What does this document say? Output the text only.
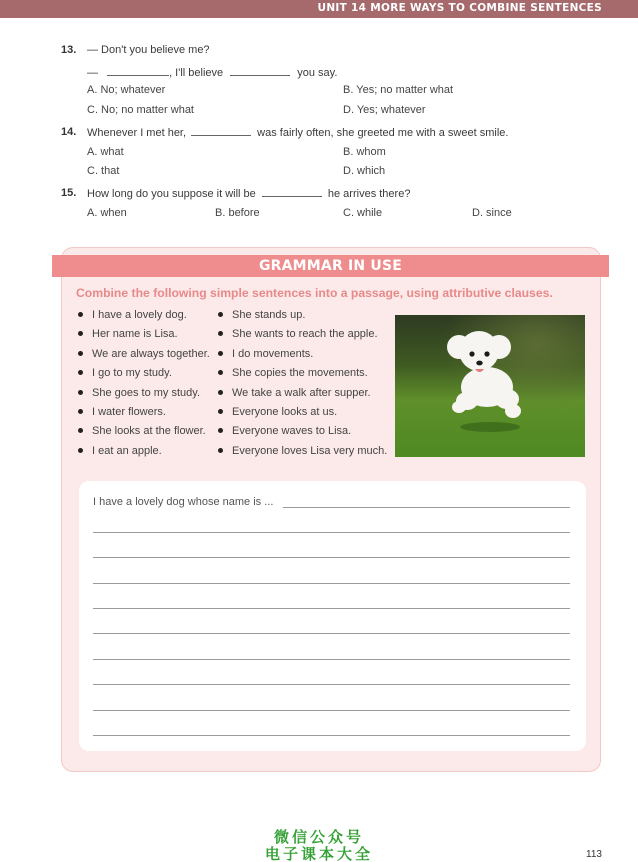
UNIT 14 MORE WAYS TO COMBINE SENTENCES
13. — Don't you believe me?
—	, I'll believe	you say.
A. No; whatever	B. Yes; no matter what
C. No; no matter what	D. Yes; whatever
14. Whenever I met her,	was fairly often, she greeted me with a sweet smile.
A. what	B. whom
C. that	D. which
15. How long do you suppose it will be	he arrives there?
A. when	B. before	C. while	D. since
GRAMMAR IN USE
Combine the following simple sentences into a passage, using attributive clauses.
I have a lovely dog.
Her name is Lisa.
We are always together.
I go to my study.
She goes to my study.
I water flowers.
She looks at the flower.
I eat an apple.
She stands up.
She wants to reach the apple.
I do movements.
She copies the movements.
We take a walk after supper.
Everyone looks at us.
Everyone waves to Lisa.
Everyone loves Lisa very much.
I have a lovely dog whose name is ...
微信公众号
电子课本大全	113
